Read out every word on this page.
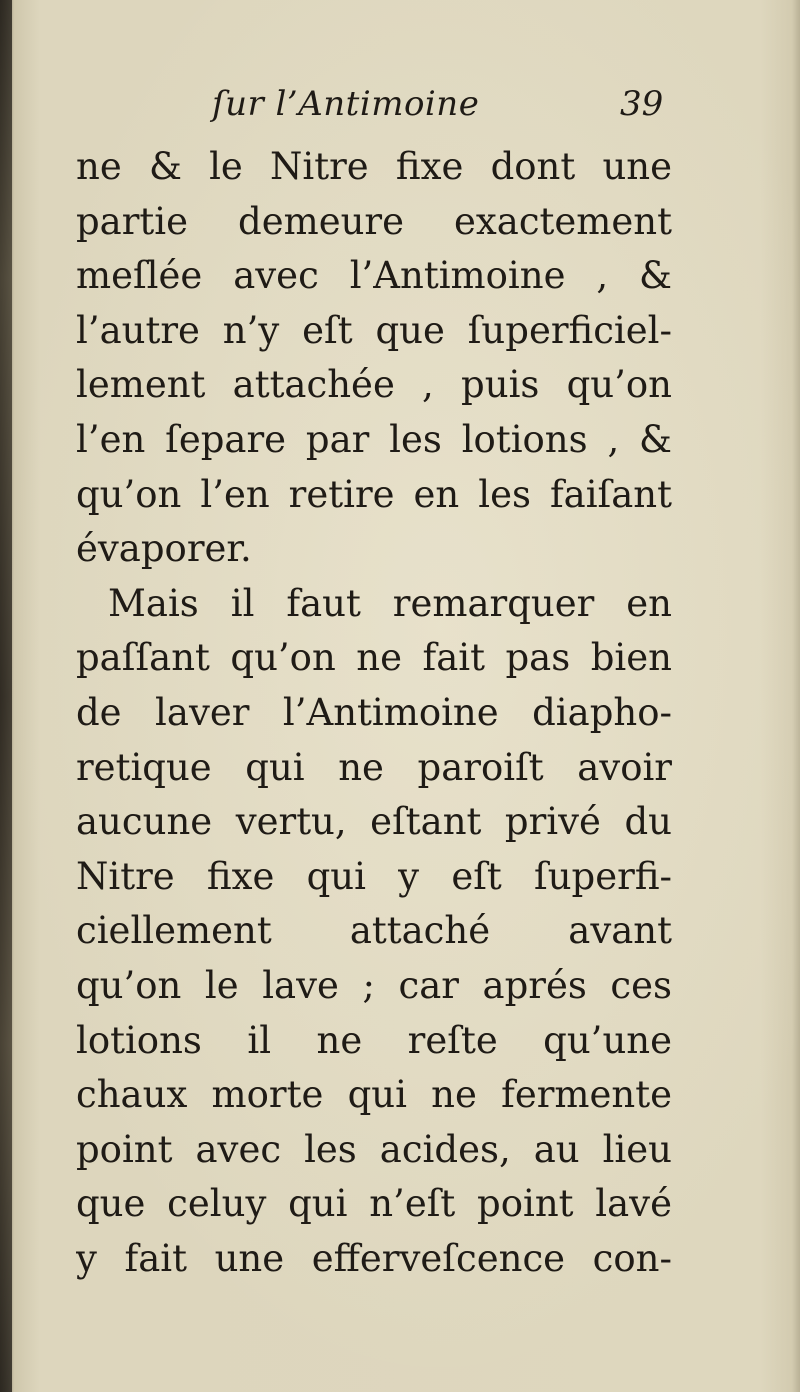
ſur l’Antimoine	39
ne & le Nitre fixe dont une
partie demeure exactement
meſlée avec l’Antimoine , &
l’autre n’y eſt que ſuperficiel-
lement attachée , puis qu’on
l’en ſepare par les lotions , &
qu’on l’en retire en les faiſant
évaporer.
Mais il faut remarquer en
paſſant qu’on ne fait pas bien
de laver l’Antimoine diapho-
retique qui ne paroiſt avoir
aucune vertu, eſtant privé du
Nitre fixe qui y eſt ſuperfi-
ciellement attaché avant
qu’on le lave ; car aprés ces
lotions il ne reſte qu’une
chaux morte qui ne fermente
point avec les acides, au lieu
que celuy qui n’eſt point lavé
y fait une efferveſcence con-
